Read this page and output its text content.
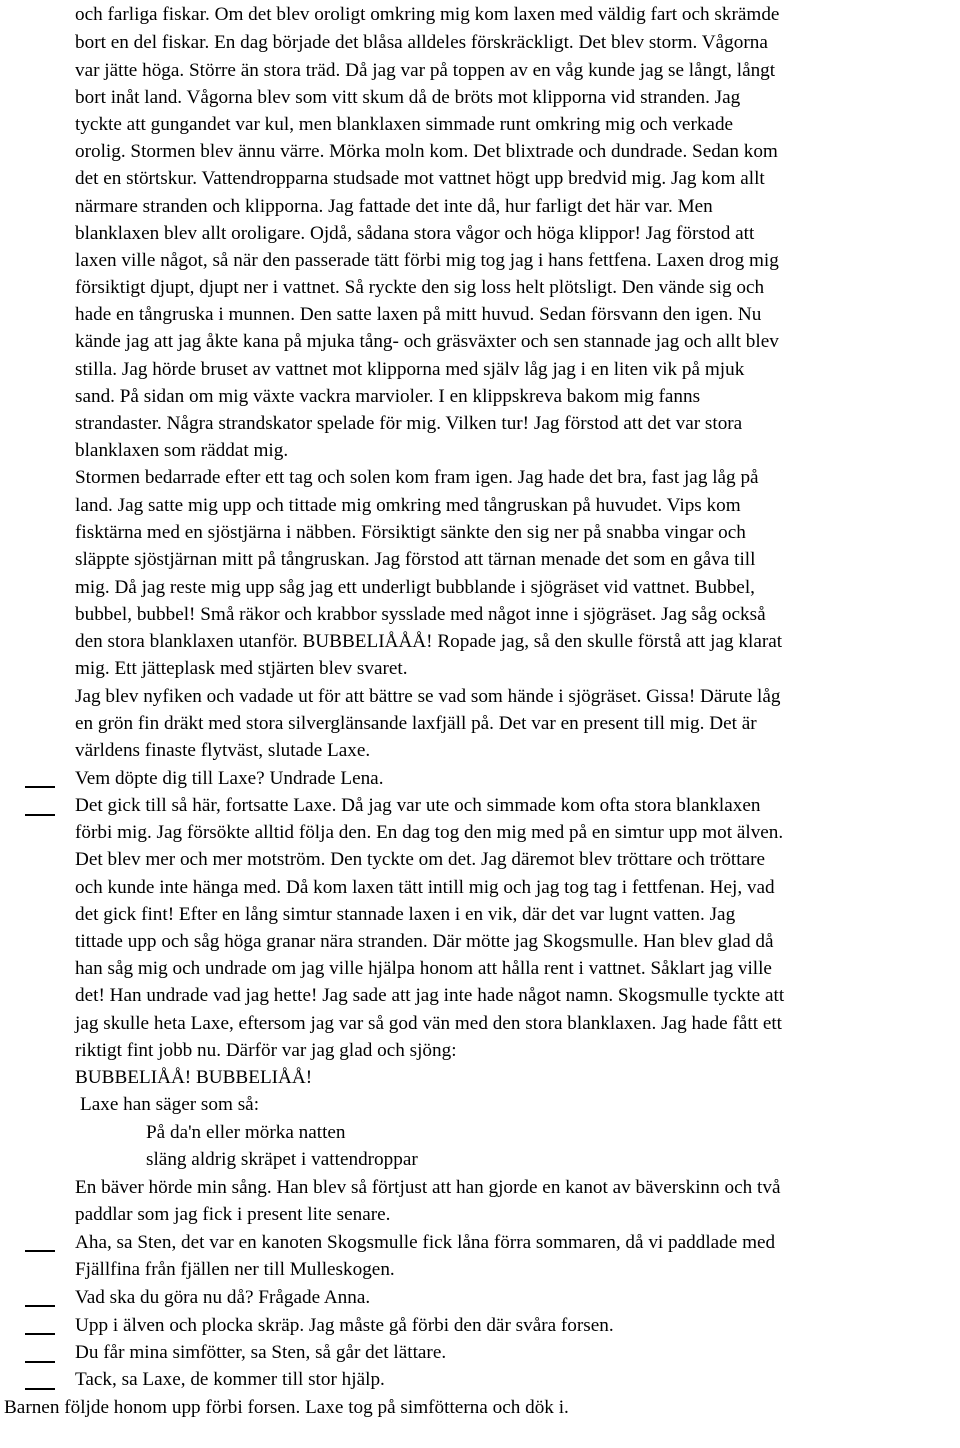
och farliga fiskar. Om det blev oroligt omkring mig kom laxen med väldig fart och skrämde
bort en del fiskar. En dag började det blåsa alldeles förskräckligt. Det blev storm. Vågorna
var jätte höga. Större än stora träd. Då jag var på toppen av en våg kunde jag se långt, långt
bort inåt land. Vågorna blev som vitt skum då de bröts mot klipporna vid stranden. Jag
tyckte att gungandet var kul, men blanklaxen simmade runt omkring mig och verkade
orolig. Stormen blev ännu värre. Mörka moln kom. Det blixtrade och dundrade. Sedan kom
det en störtskur. Vattendropparna studsade mot vattnet högt upp bredvid mig. Jag kom allt
närmare stranden och klipporna. Jag fattade det inte då, hur farligt det här var. Men
blanklaxen blev allt oroligare. Ojdå, sådana stora vågor och höga klippor! Jag förstod att
laxen ville något, så när den passerade tätt förbi mig tog jag i hans fettfena. Laxen drog mig
försiktigt djupt, djupt ner i vattnet. Så ryckte den sig loss helt plötsligt. Den vände sig och
hade en tångruska i munnen. Den satte laxen på mitt huvud. Sedan försvann den igen. Nu
kände jag att jag åkte kana på mjuka tång- och gräsväxter och sen stannade jag och allt blev
stilla. Jag hörde bruset av vattnet mot klipporna med själv låg jag i en liten vik på mjuk
sand. På sidan om mig växte vackra marvioler. I en klippskreva bakom mig fanns
strandaster. Några strandskator spelade för mig. Vilken tur! Jag förstod att det var stora
blanklaxen som räddat mig.
Stormen bedarrade efter ett tag och solen kom fram igen. Jag hade det bra, fast jag låg på
land. Jag satte mig upp och tittade mig omkring med tångruskan på huvudet. Vips kom
fisktärna med en sjöstjärna i näbben. Försiktigt sänkte den sig ner på snabba vingar och
släppte sjöstjärnan mitt på tångruskan. Jag förstod att tärnan menade det som en gåva till
mig. Då jag reste mig upp såg jag ett underligt bubblande i sjögräset vid vattnet. Bubbel,
bubbel, bubbel! Små räkor och krabbor sysslade med något inne i sjögräset. Jag såg också
den stora blanklaxen utanför. BUBBELIÅÅÅ! Ropade jag, så den skulle förstå att jag klarat
mig. Ett jätteplask med stjärten blev svaret.
Jag blev nyfiken och vadade ut för att bättre se vad som hände i sjögräset. Gissa! Därute låg
en grön fin dräkt med stora silverglänsande laxfjäll på. Det var en present till mig. Det är
världens finaste flytväst, slutade Laxe.
Vem döpte dig till Laxe? Undrade Lena.
Det gick till så här, fortsatte Laxe. Då jag var ute och simmade kom ofta stora blanklaxen
förbi mig. Jag försökte alltid följa den. En dag tog den mig med på en simtur upp mot älven.
Det blev mer och mer motström. Den tyckte om det. Jag däremot blev tröttare och tröttare
och kunde inte hänga med. Då kom laxen tätt intill mig och jag tog tag i fettfenan. Hej, vad
det gick fint! Efter en lång simtur stannade laxen i en vik, där det var lugnt vatten. Jag
tittade upp och såg höga granar nära stranden. Där mötte jag Skogsmulle. Han blev glad då
han såg mig och undrade om jag ville hjälpa honom att hålla rent i vattnet. Såklart jag ville
det! Han undrade vad jag hette! Jag sade att jag inte hade något namn. Skogsmulle tyckte att
jag skulle heta Laxe, eftersom jag var så god vän med den stora blanklaxen. Jag hade fått ett
riktigt fint jobb nu. Därför var jag glad och sjöng:
BUBBELIÅÅ! BUBBELIÅÅ!
Laxe han säger som så:
På da'n eller mörka natten
släng aldrig skräpet i vattendroppar
En bäver hörde min sång. Han blev så förtjust att han gjorde en kanot av bäverskinn och två
paddlar som jag fick i present lite senare.
Aha, sa Sten, det var en kanoten Skogsmulle fick låna förra sommaren, då vi paddlade med
Fjällfina från fjällen ner till Mulleskogen.
Vad ska du göra nu då? Frågade Anna.
Upp i älven och plocka skräp. Jag måste gå förbi den där svåra forsen.
Du får mina simfötter, sa Sten, så går det lättare.
Tack, sa Laxe, de kommer till stor hjälp.
Barnen följde honom upp förbi forsen. Laxe tog på simfötterna och dök i.
